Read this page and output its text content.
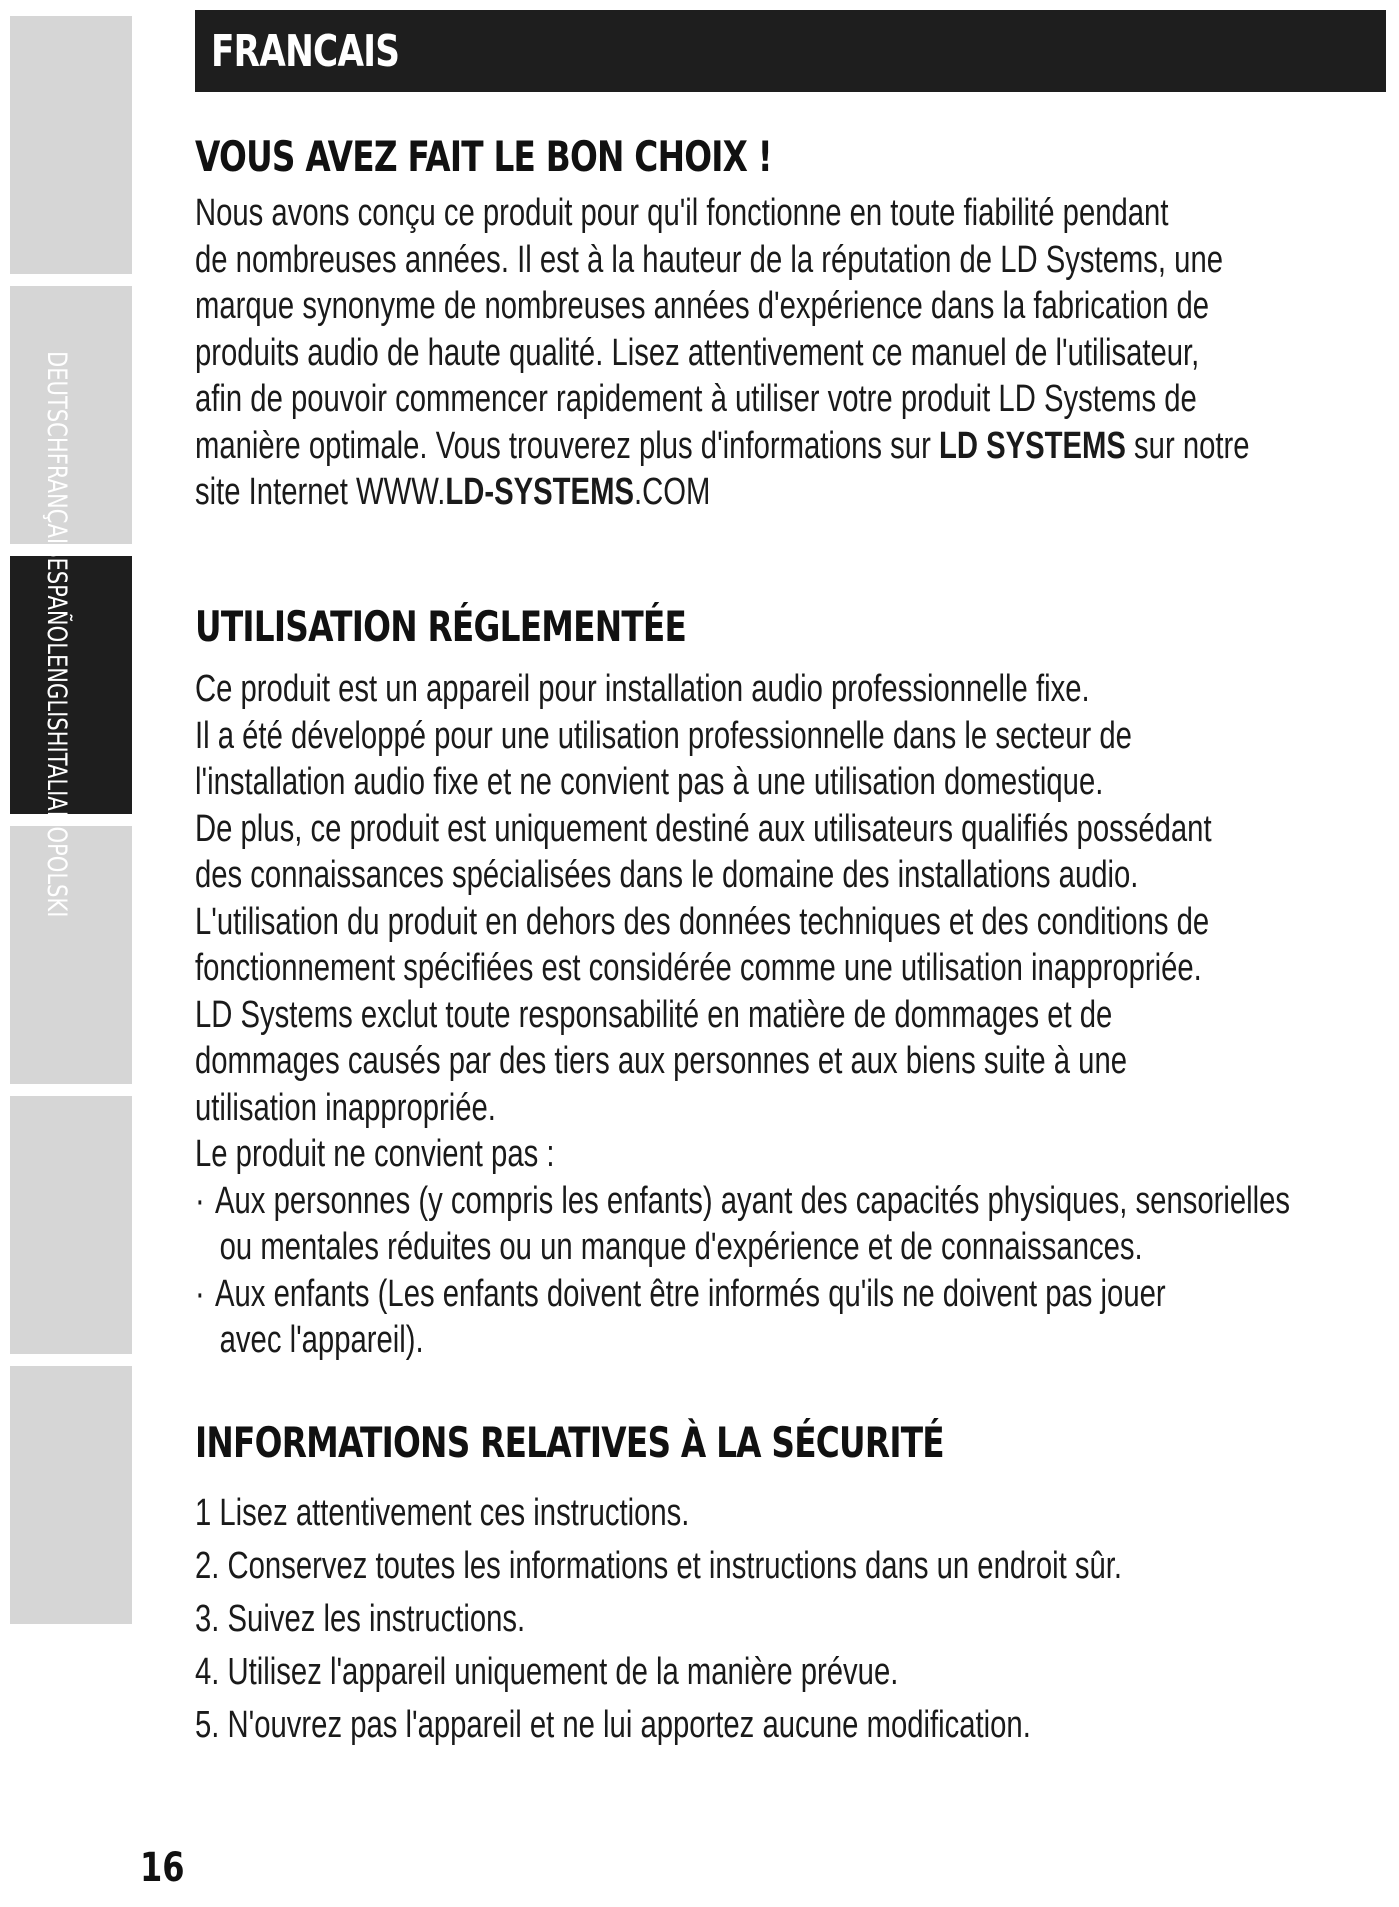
DEUTSCHFRANÇAISESPAÑOLENGLISHITALIANOPOLSKI
FRANCAIS
VOUS AVEZ FAIT LE BON CHOIX !

Nous avons conçu ce produit pour qu'il fonctionne en toute fiabilité pendant

de nombreuses années. Il est à la hauteur de la réputation de LD Systems, une

marque synonyme de nombreuses années d'expérience dans la fabrication de

produits audio de haute qualité. Lisez attentivement ce manuel de l'utilisateur,

afin de pouvoir commencer rapidement à utiliser votre produit LD Systems de

manière optimale. Vous trouverez plus d'informations sur LD SYSTEMS sur notre

site Internet WWW.LD-SYSTEMS.COM

UTILISATION RÉGLEMENTÉE

Ce produit est un appareil pour installation audio professionnelle fixe.

Il a été développé pour une utilisation professionnelle dans le secteur de

l'installation audio fixe et ne convient pas à une utilisation domestique.

De plus, ce produit est uniquement destiné aux utilisateurs qualifiés possédant

des connaissances spécialisées dans le domaine des installations audio.

L'utilisation du produit en dehors des données techniques et des conditions de

fonctionnement spécifiées est considérée comme une utilisation inappropriée.

LD Systems exclut toute responsabilité en matière de dommages et de

dommages causés par des tiers aux personnes et aux biens suite à une

utilisation inappropriée.

Le produit ne convient pas :

· Aux personnes (y compris les enfants) ayant des capacités physiques, sensorielles
ou mentales réduites ou un manque d'expérience et de connaissances.
· Aux enfants (Les enfants doivent être informés qu'ils ne doivent pas jouer
avec l'appareil).
INFORMATIONS RELATIVES À LA SÉCURITÉ

1 Lisez attentivement ces instructions.

2. Conservez toutes les informations et instructions dans un endroit sûr.

3. Suivez les instructions.

4. Utilisez l'appareil uniquement de la manière prévue.

5. N'ouvrez pas l'appareil et ne lui apportez aucune modification.

16
